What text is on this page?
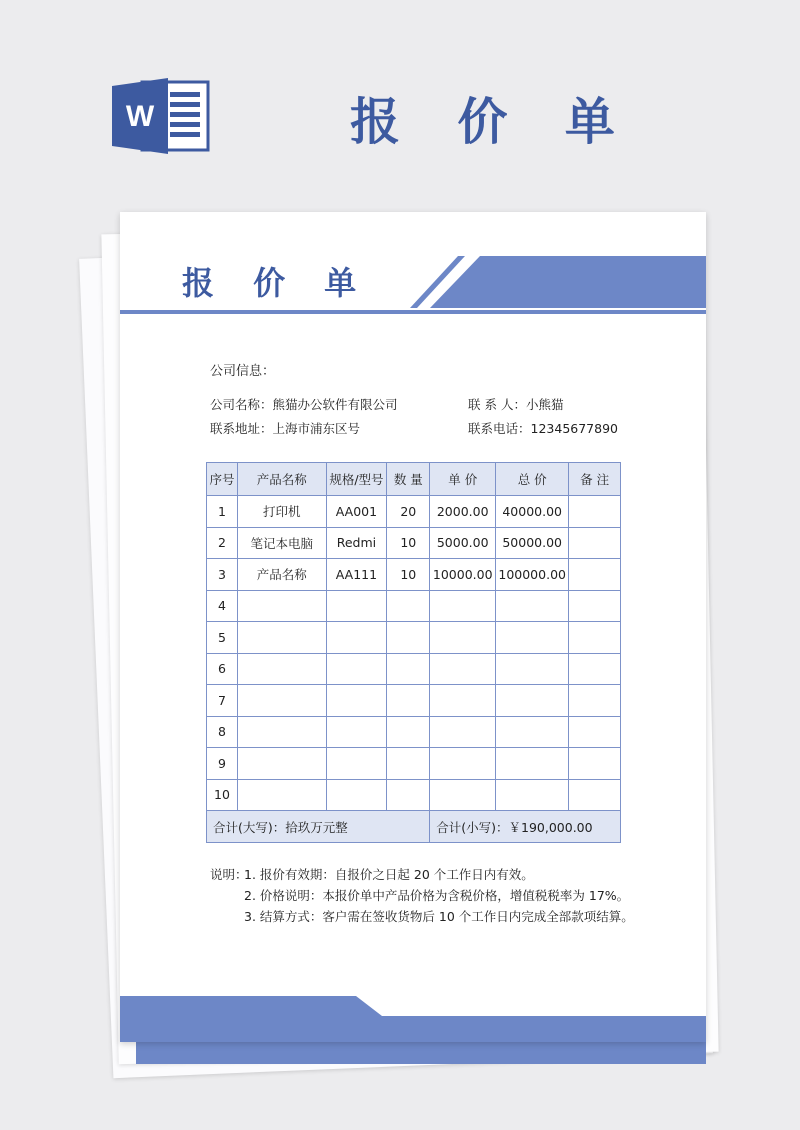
W	报 价 单
报 价 单
公司信息：
公司名称：熊猫办公软件有限公司	联 系 人：小熊猫
联系地址：上海市浦东区号	联系电话：12345677890
序号	产品名称	规格/型号	数 量	单 价	总 价	备 注
1	打印机	AA001	20	2000.00	40000.00	
2	笔记本电脑	Redmi	10	5000.00	50000.00	
3	产品名称	AA111	10	10000.00	100000.00	
4						
5						
6						
7						
8						
9						
10						
合计(大写)：拾玖万元整				合计(小写)：￥190,000.00		
说明：1. 报价有效期：自报价之日起 20 个工作日内有效。
2. 价格说明：本报价单中产品价格为含税价格，增值税税率为 17%。
3. 结算方式：客户需在签收货物后 10 个工作日内完成全部款项结算。
